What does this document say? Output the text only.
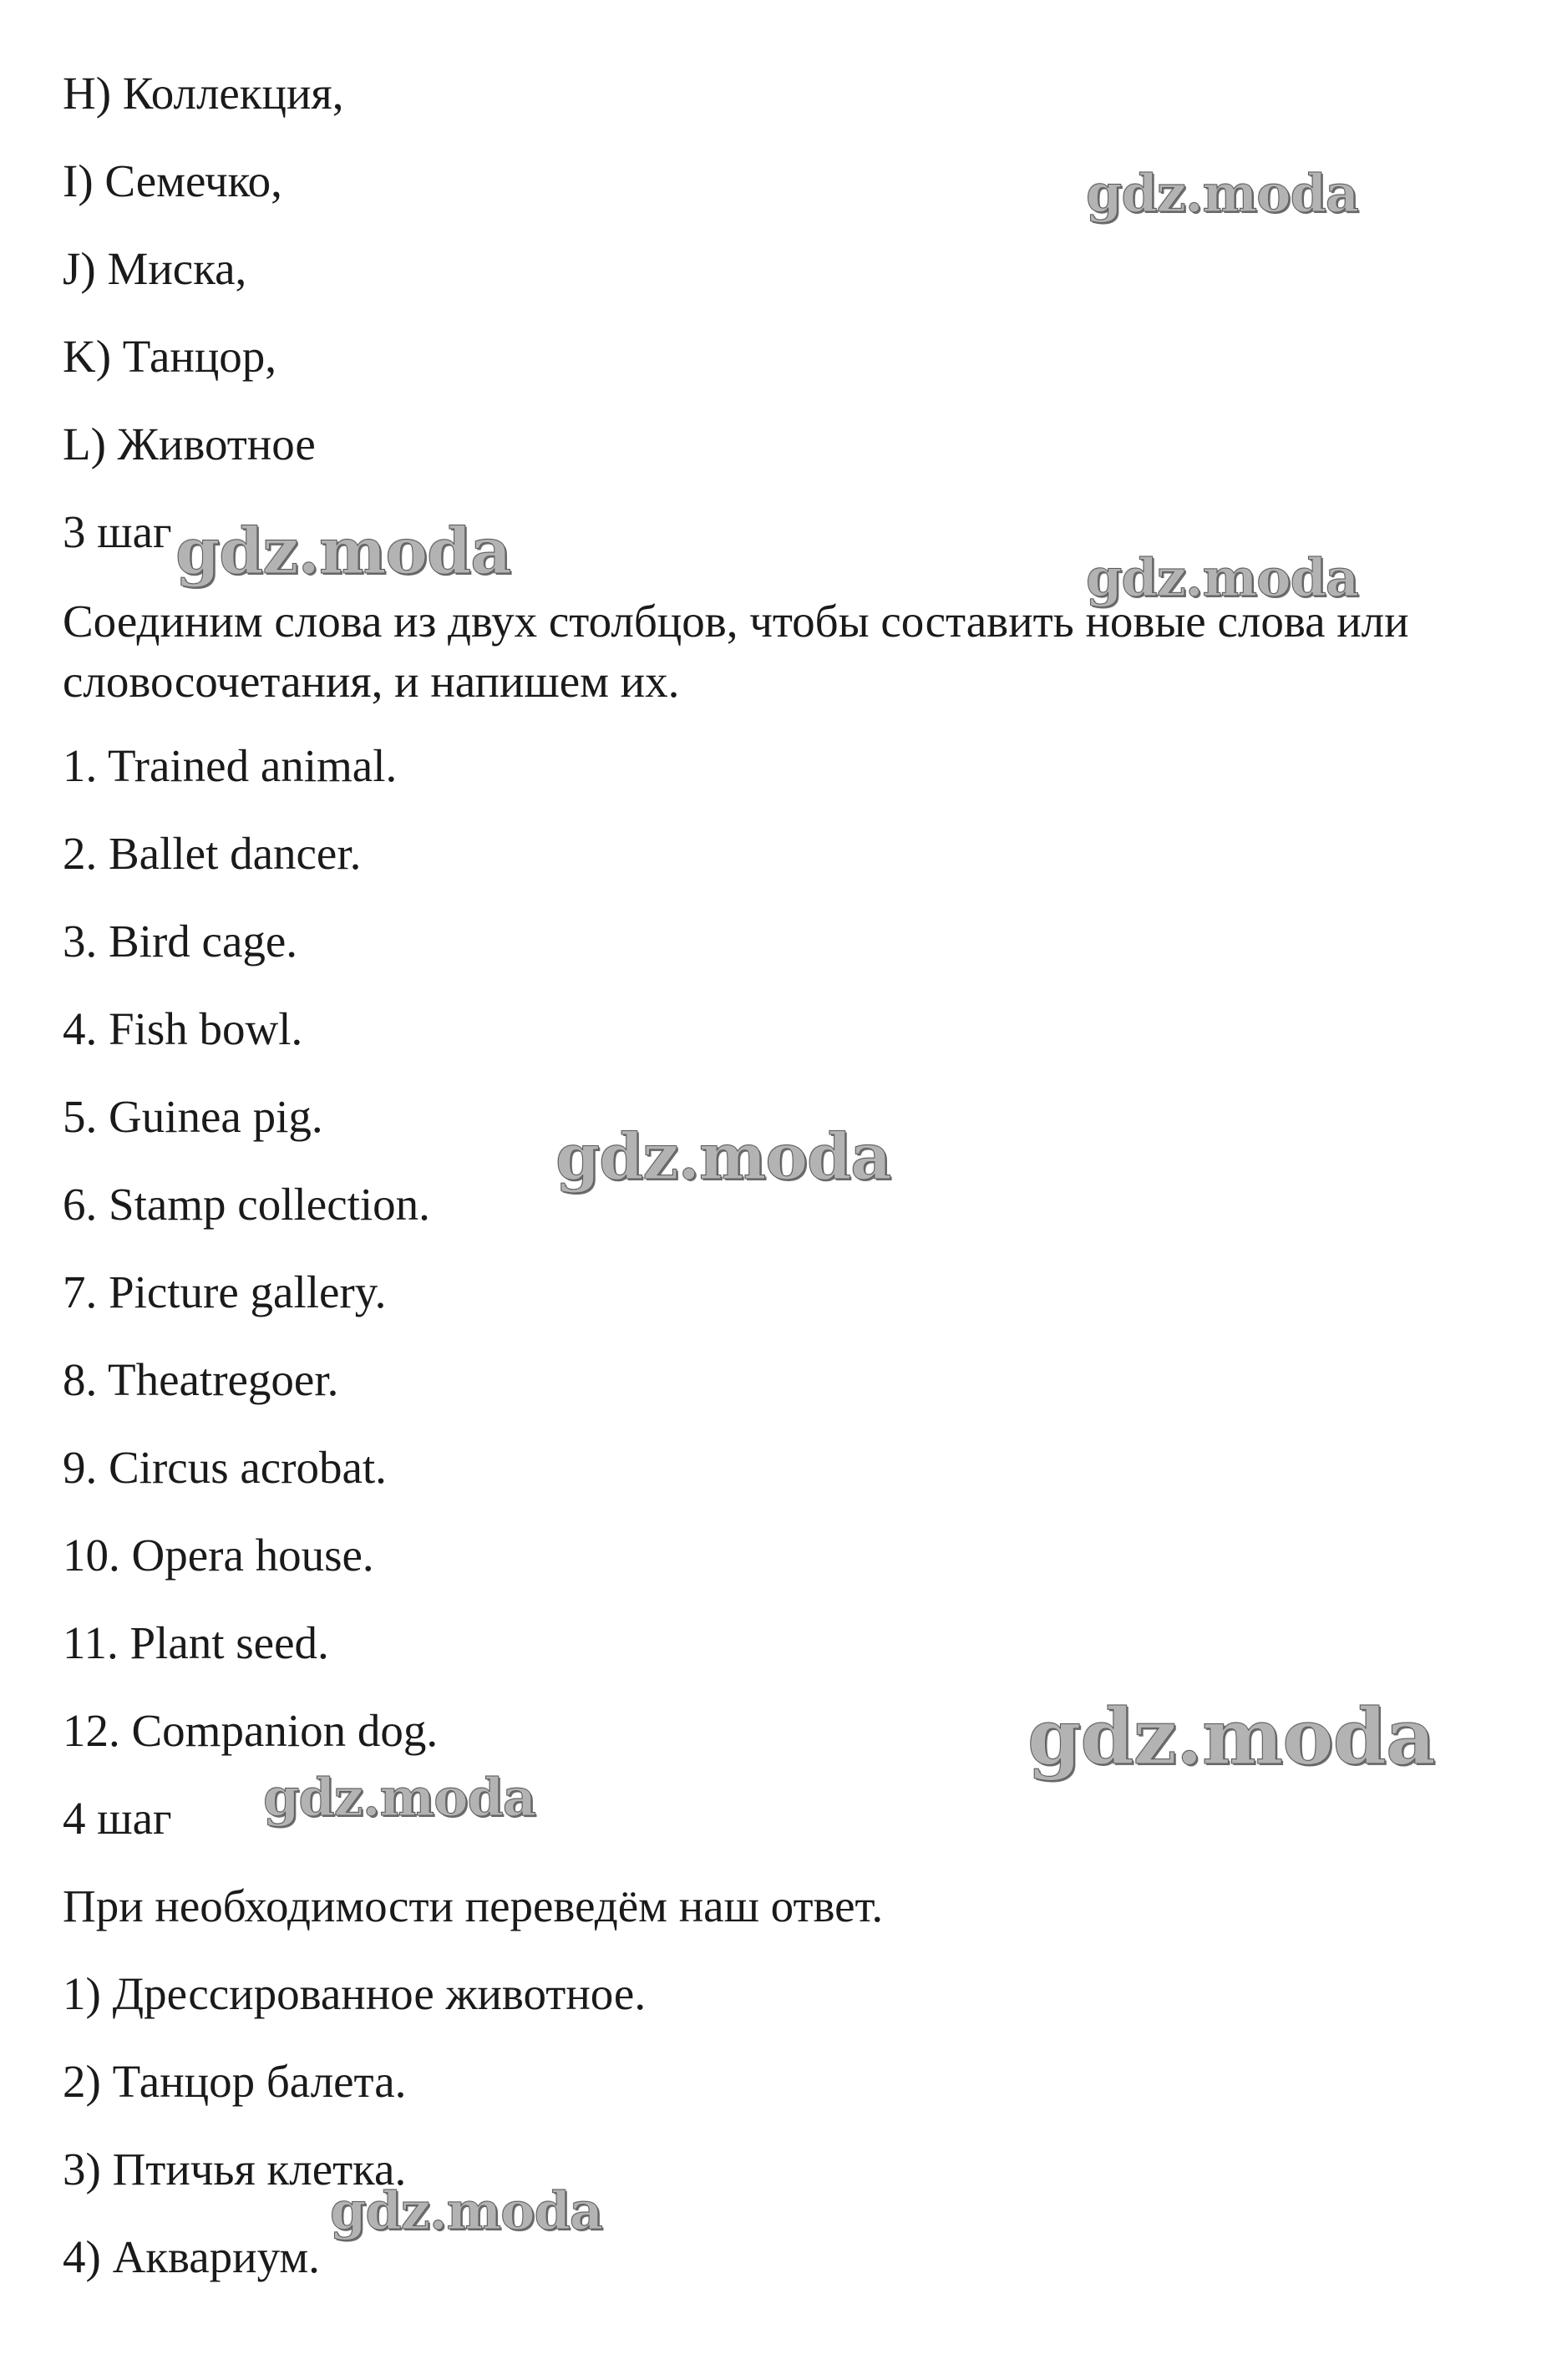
H) Коллекция,
I) Семечко,
J) Миска,
K) Танцор,
L) Животное
3 шаг
Соединим слова из двух столбцов, чтобы составить новые слова или словосочетания, и напишем их.
1. Trained animal.
2. Ballet dancer.
3. Bird cage.
4. Fish bowl.
5. Guinea pig.
6. Stamp collection.
7. Picture gallery.
8. Theatregoer.
9. Circus acrobat.
10. Opera house.
11. Plant seed.
12. Companion dog.
4 шаг
При необходимости переведём наш ответ.
1) Дрессированное животное.
2) Танцор балета.
3) Птичья клетка.
4) Аквариум.
gdz.moda
gdz.moda	gdz.moda
gdz.moda
gdz.moda
gdz.moda
gdz.moda
